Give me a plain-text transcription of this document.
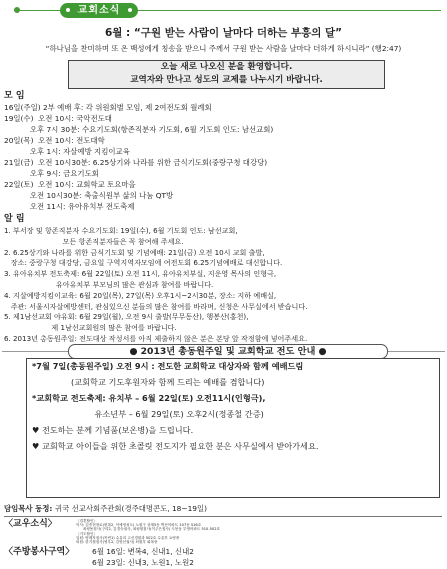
교회소식
6월 : “구원 받는 사람이 날마다 더하는 부흥의 달”
“하나님을 찬미하며 또 온 백성에게 칭송을 받으니 주께서 구원 받는 사람을 날마다 더하게 하시니라” (행2:47)
오늘 새로 나오신 분을 환영합니다.
교역자와 만나고 성도의 교제를 나누시기 바랍니다.
모 임
16일(주일) 2부 예배 후: 각 위원회별 모임, 제 2여전도회 월례회
19일(수)  오전 10시: 국악전도대
오후 7시 30분: 수요기도회(항존직분자 기도회, 6월 기도회 인도: 남선교회)
20일(목)  오전 10시: 전도대학
오후 1시: 자살예방 지킴이교육
21일(금)  오전 10시30분: 6.25상기와 나라를 위한 금식기도회(중랑구청 대강당)
오후 9시: 금요기도회
22일(토)  오전 10시: 교회학교 토요마을
오전 10시30분: 축출식원부 삶의 나눔 QT방
오전 11시: 유아유치부 전도축제
알 림
1. 부서장 및 항존직분자 수요기도회: 19일(수), 6월 기도회 인도: 남선교회,
모든 항존직분자들은 꼭 참여해 주세요.
2. 6.25상기와 나라를 위한 금식기도회 및 기념예배: 21일(금) 오전 10시 교회 출발,
장소: 중랑구청 대강당, 금요일 구역지역자모임에 여전도회 6.25기념예배로 대신합니다.
3. 유아유치부 전도축제: 6월 22일(토) 오전 11시, 유아유치부실, 지운영 목사의 인형극,
유아유치부 부모님의 많은 관심과 참여를 바랍니다.
4. 지살예방지킴이교육: 6월 20일(목), 27일(목) 오후1시~2시30분, 장소: 지하 예배실,
주관: 서울시자살예방센터, 관심있으신 분들의 많은 참여를 바라며, 신청은 사무실에서 받습니다.
5. 제1남선교회 야유회: 6월 29일(월), 오전 9시 출발(무무동산), 행봉산(홍천),
제 1남선교회원의 많은 참여를 바랍니다.
6. 2013년 총동원주일: 전도대상 작성서를 아직 제출하지 않은 분은 본당 앞 작정함에 넣어주세요.
● 2013년 총동원주일 및 교회학교 전도 안내 ●
*7월 7일(총동원주일) 오전 9시 : 전도한 교회학교 대상자와 함께 예배드림
(교회학교 기도후원자와 함께 드리는 예배를 겸합니다)
*교회학교 전도축제: 유치부 – 6월 22일(토) 오전11시(인형극),
유소년부 – 6월 29일(토) 오후2시(정종철 간증)
♥ 전도하는 분께 기념품(보온병)을 드립니다.
♥ 교회학교 아이들을 위한 초콜릿 전도지가 필요한 분은 사무실에서 받아가세요.
담임목사 동정: 귀국 선교사회주관회(경주대명콘도, 18~19일)
〈교우소식〉	〈결혼할인〉
이사: 김종현장로(변복2, 이예영성도) 노원구 상계5동 벽산아파트 107동 516호
최평용집사(구리2, 김경숙권사, 최평원집사(이주은집사) 도봉동 부영아파트 510-502호
〈기도할인〉
입원: 양례자집사(목번1) 수유리 고신경원과 502호 수술후 요양중
퇴원: 한기철집사(영우2, 김영선권사) 퇴원후 회복중
〈주방봉사구역〉 6월 16일: 변복4, 신내1, 신내2
6월 23일: 신내3, 노원1, 노원2
